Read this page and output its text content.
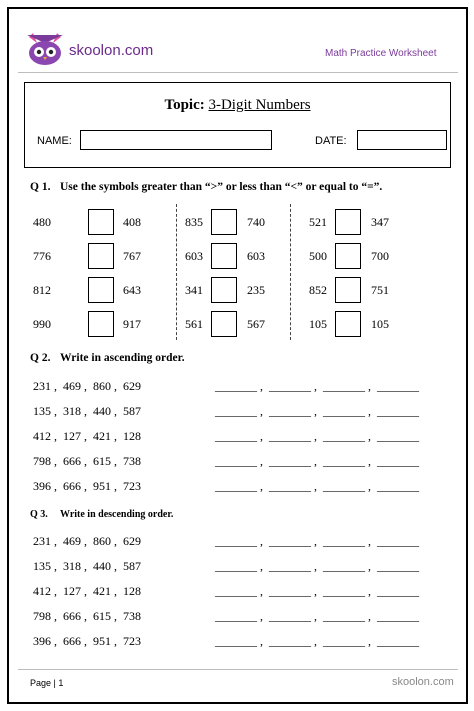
skoolon.com	Math Practice Worksheet
Topic: 3-Digit Numbers
NAME:	DATE:
Q 1. Use the symbols greater than “>” or less than “<” or equal to “=”.
480	408
776	767
812	643
990	917
835	740
603	603
341	235
561	567
521	347
500	700
852	751
105	105
Q 2. Write in ascending order.
231 ,  469 ,  860 ,  629	_______ ,  _______ ,  _______ ,  _______
135 ,  318 ,  440 ,  587	_______ ,  _______ ,  _______ ,  _______
412 ,  127 ,  421 ,  128	_______ ,  _______ ,  _______ ,  _______
798 ,  666 ,  615 ,  738	_______ ,  _______ ,  _______ ,  _______
396 ,  666 ,  951 ,  723	_______ ,  _______ ,  _______ ,  _______
Q 3. Write in descending order.
231 ,  469 ,  860 ,  629	_______ ,  _______ ,  _______ ,  _______
135 ,  318 ,  440 ,  587	_______ ,  _______ ,  _______ ,  _______
412 ,  127 ,  421 ,  128	_______ ,  _______ ,  _______ ,  _______
798 ,  666 ,  615 ,  738	_______ ,  _______ ,  _______ ,  _______
396 ,  666 ,  951 ,  723	_______ ,  _______ ,  _______ ,  _______
Page | 1	skoolon.com
